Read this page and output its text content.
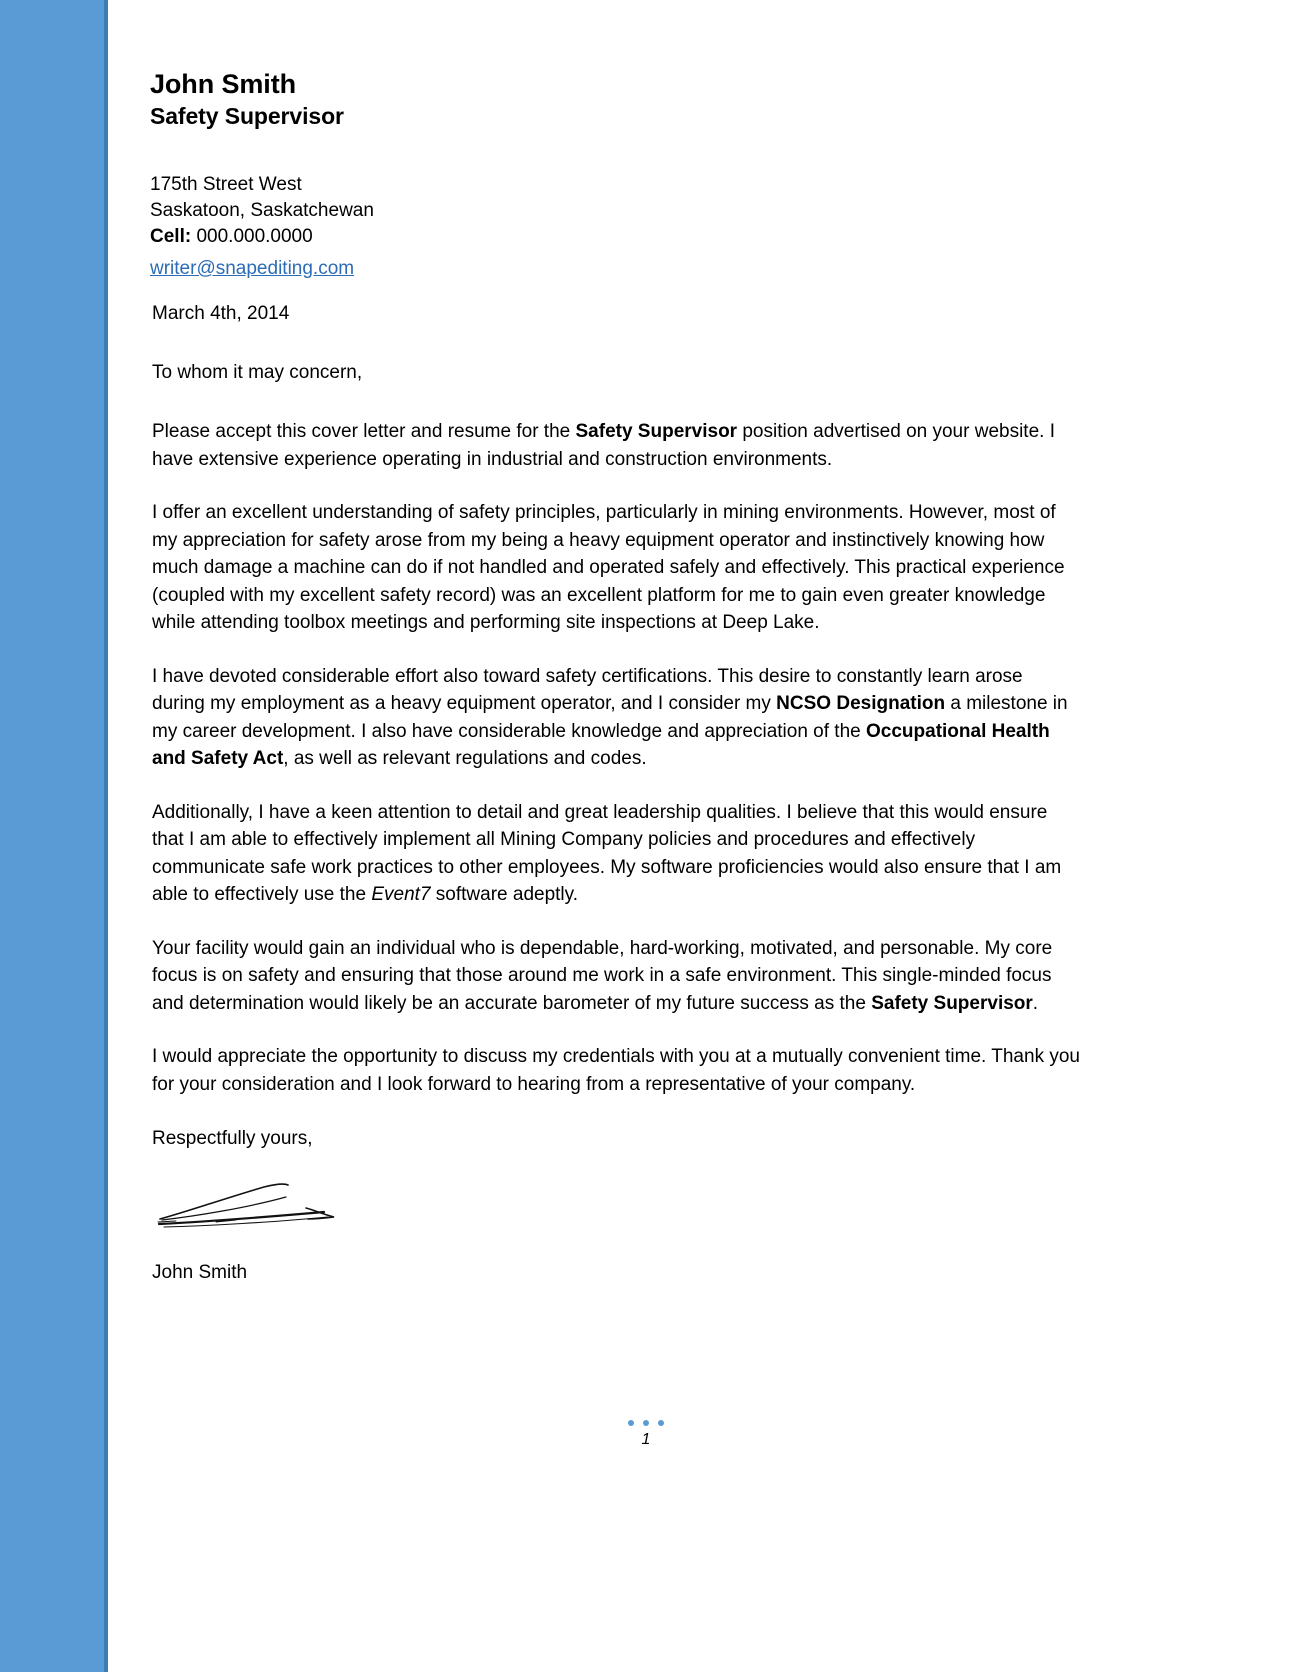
John Smith
Safety Supervisor
175th Street West
Saskatoon, Saskatchewan
Cell: 000.000.0000
writer@snapediting.com
March 4th, 2014
To whom it may concern,

Please accept this cover letter and resume for the Safety Supervisor position advertised on your website. I have extensive experience operating in industrial and construction environments.

I offer an excellent understanding of safety principles, particularly in mining environments. However, most of my appreciation for safety arose from my being a heavy equipment operator and instinctively knowing how much damage a machine can do if not handled and operated safely and effectively. This practical experience (coupled with my excellent safety record) was an excellent platform for me to gain even greater knowledge while attending toolbox meetings and performing site inspections at Deep Lake.

I have devoted considerable effort also toward safety certifications. This desire to constantly learn arose during my employment as a heavy equipment operator, and I consider my NCSO Designation a milestone in my career development. I also have considerable knowledge and appreciation of the Occupational Health and Safety Act, as well as relevant regulations and codes.

Additionally, I have a keen attention to detail and great leadership qualities. I believe that this would ensure that I am able to effectively implement all Mining Company policies and procedures and effectively communicate safe work practices to other employees. My software proficiencies would also ensure that I am able to effectively use the Event7 software adeptly.

Your facility would gain an individual who is dependable, hard-working, motivated, and personable. My core focus is on safety and ensuring that those around me work in a safe environment. This single-minded focus and determination would likely be an accurate barometer of my future success as the Safety Supervisor.

I would appreciate the opportunity to discuss my credentials with you at a mutually convenient time. Thank you for your consideration and I look forward to hearing from a representative of your company.

Respectfully yours,

John Smith
1
